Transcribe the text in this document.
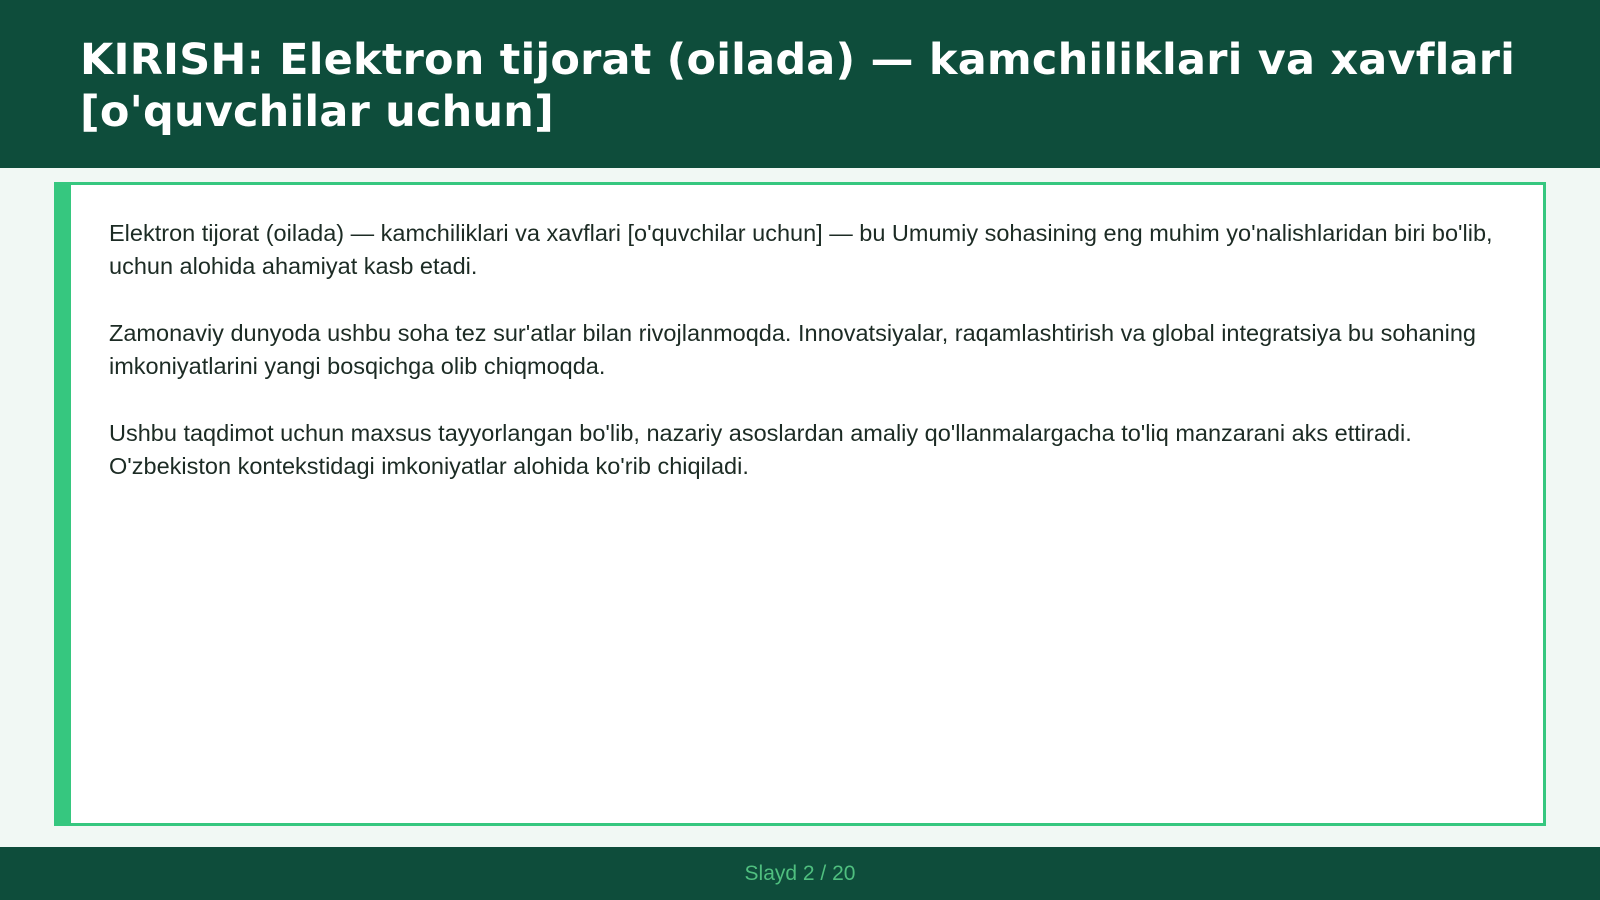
KIRISH: Elektron tijorat (oilada) — kamchiliklari va xavflari [o'quvchilar uchun]

Elektron tijorat (oilada) — kamchiliklari va xavflari [o'quvchilar uchun] — bu Umumiy sohasining eng muhim yo'nalishlaridan biri bo'lib, uchun alohida ahamiyat kasb etadi.

Zamonaviy dunyoda ushbu soha tez sur'atlar bilan rivojlanmoqda. Innovatsiyalar, raqamlashtirish va global integratsiya bu sohaning imkoniyatlarini yangi bosqichga olib chiqmoqda.

Ushbu taqdimot uchun maxsus tayyorlangan bo'lib, nazariy asoslardan amaliy qo'llanmalargacha to'liq manzarani aks ettiradi. O'zbekiston kontekstidagi imkoniyatlar alohida ko'rib chiqiladi.

Slayd 2 / 20
